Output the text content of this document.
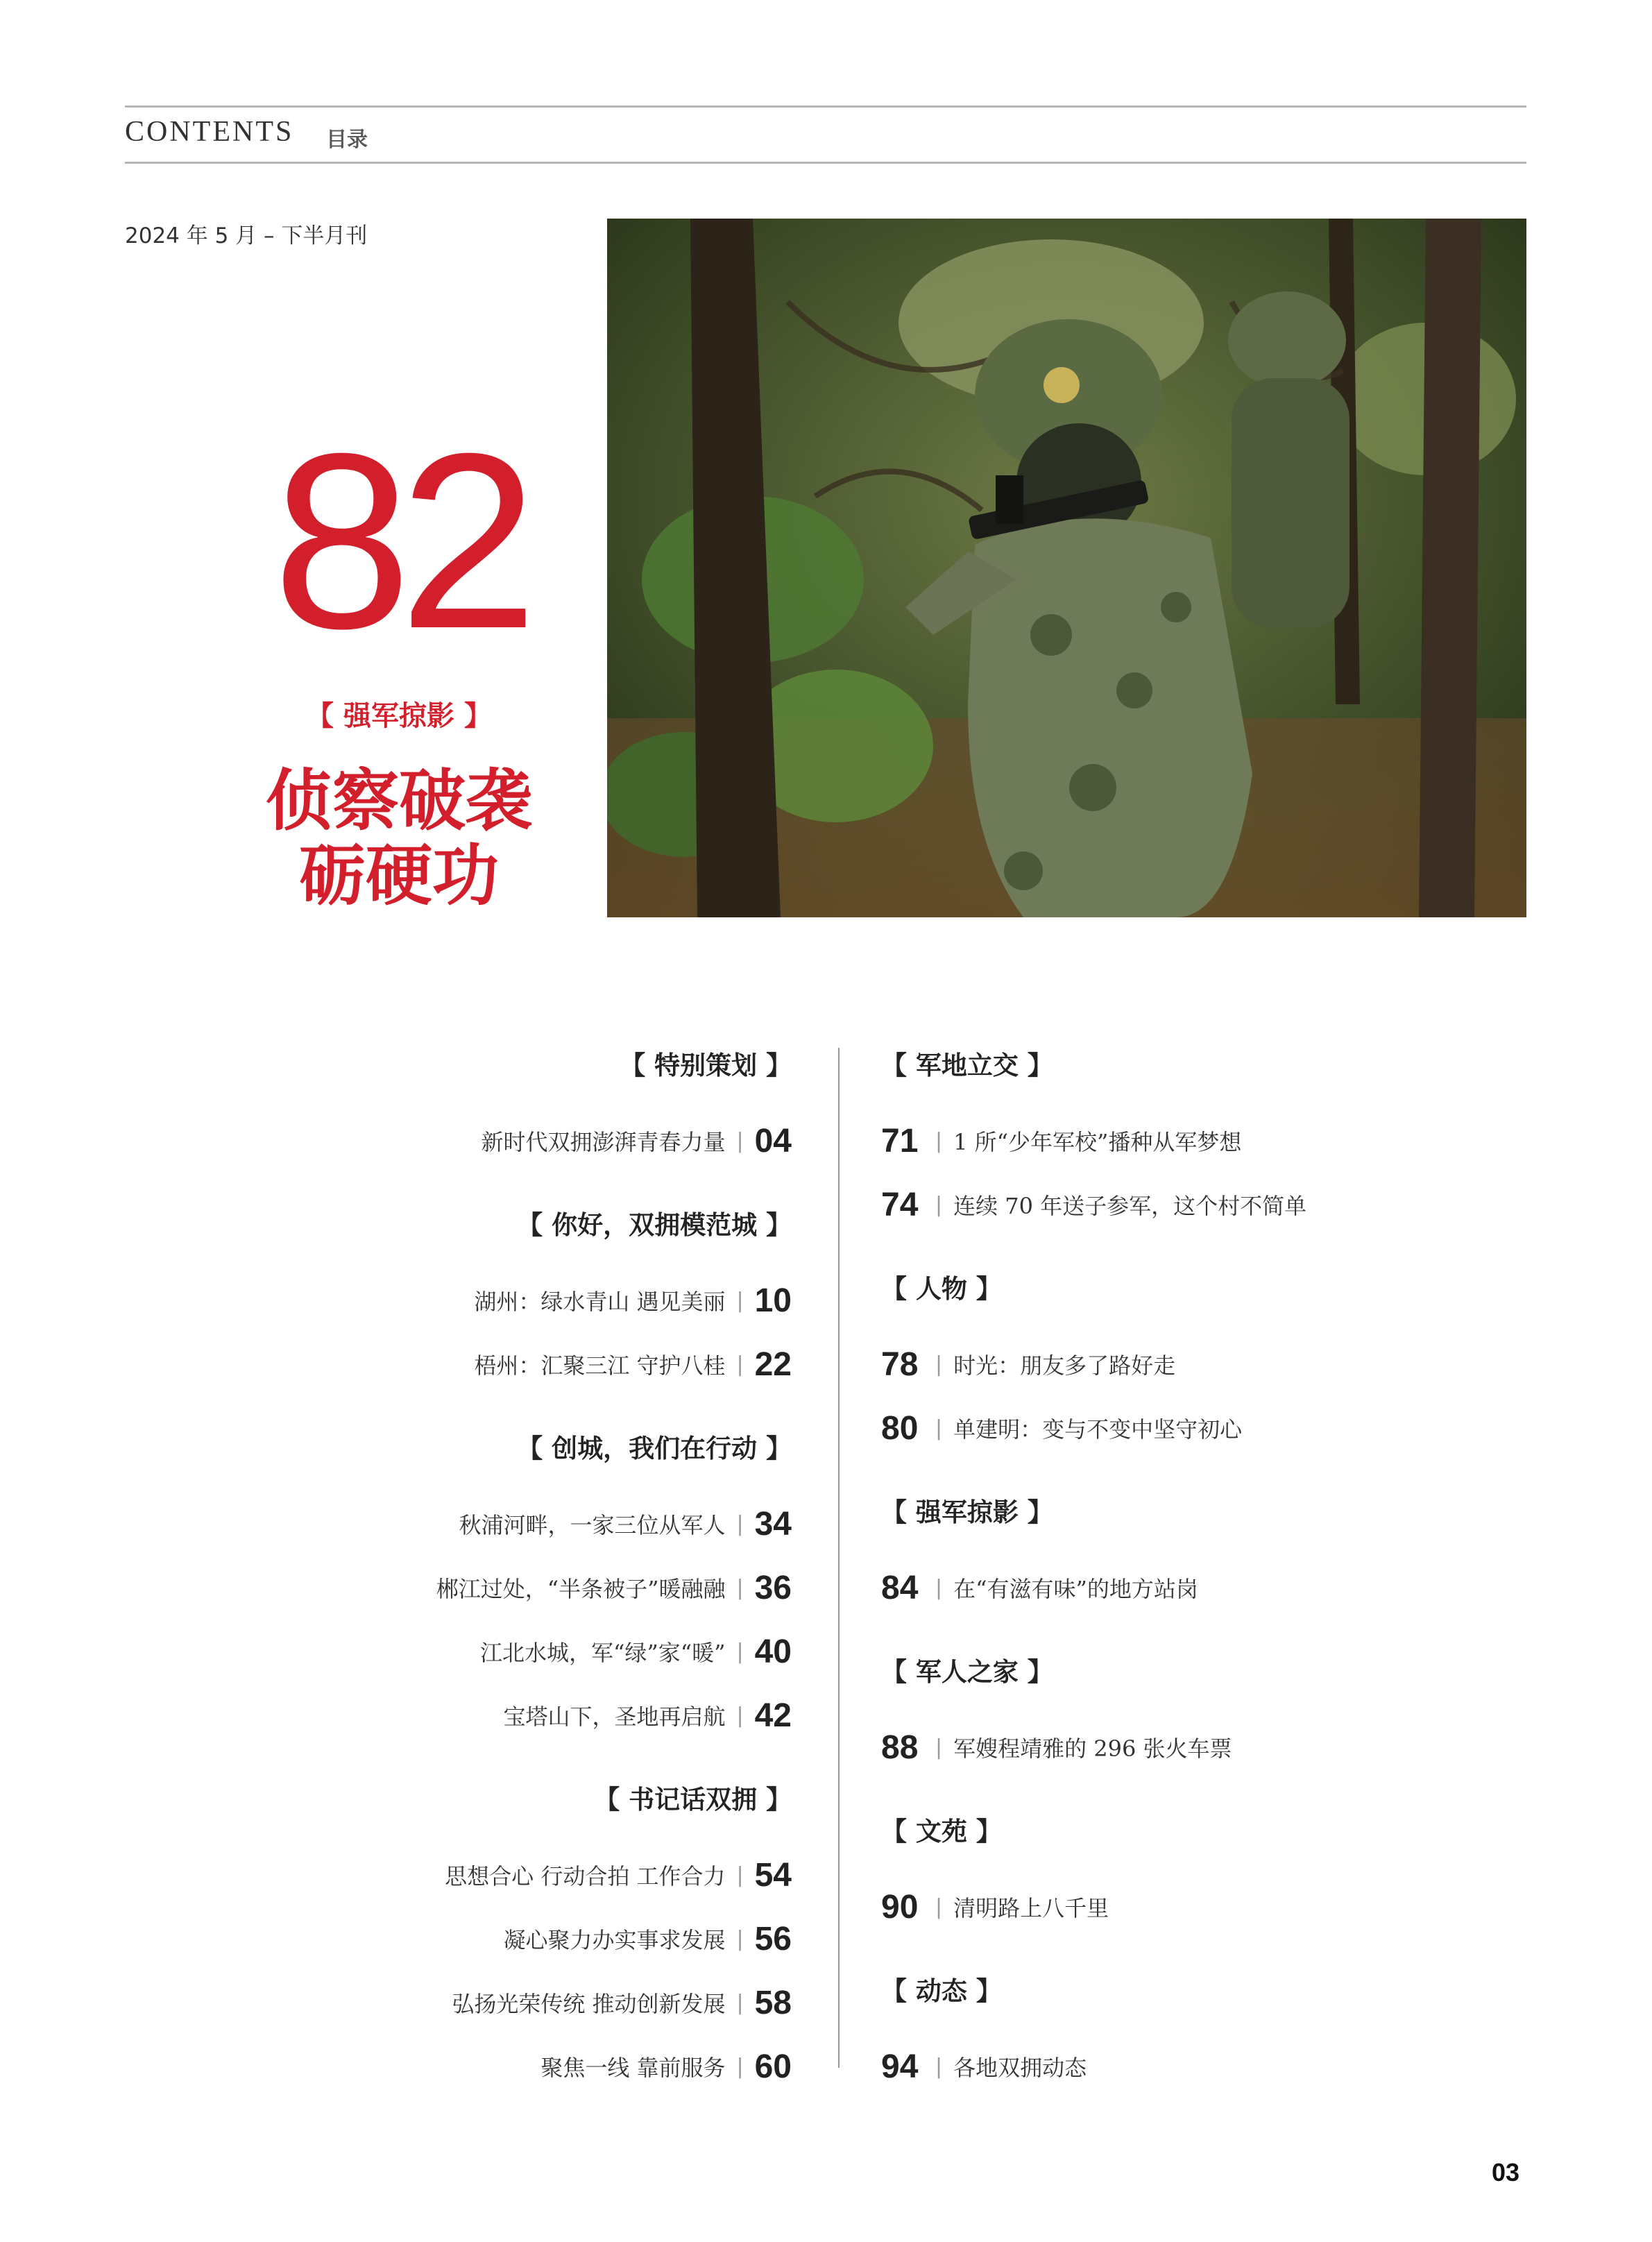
CONTENTS 目录
2024 年 5 月 – 下半月刊
82
【 强军掠影 】
侦察破袭
砺硬功
【 特别策划 】
新时代双拥澎湃青春力量 | 04
【 你好，双拥模范城 】
湖州：绿水青山 遇见美丽 | 10
梧州：汇聚三江 守护八桂 | 22
【 创城，我们在行动 】
秋浦河畔，一家三位从军人 | 34
郴江过处，“半条被子”暖融融 | 36
江北水城，军“绿”家“暖” | 40
宝塔山下，圣地再启航 | 42
【 书记话双拥 】
思想合心 行动合拍 工作合力 | 54
凝心聚力办实事求发展 | 56
弘扬光荣传统 推动创新发展 | 58
聚焦一线 靠前服务 | 60
【 军地立交 】
71 | 1 所“少年军校”播种从军梦想
74 | 连续 70 年送子参军，这个村不简单
【 人物 】
78 | 时光：朋友多了路好走
80 | 单建明：变与不变中坚守初心
【 强军掠影 】
84 | 在“有滋有味”的地方站岗
【 军人之家 】
88 | 军嫂程靖雅的 296 张火车票
【 文苑 】
90 | 清明路上八千里
【 动态 】
94 | 各地双拥动态
03
